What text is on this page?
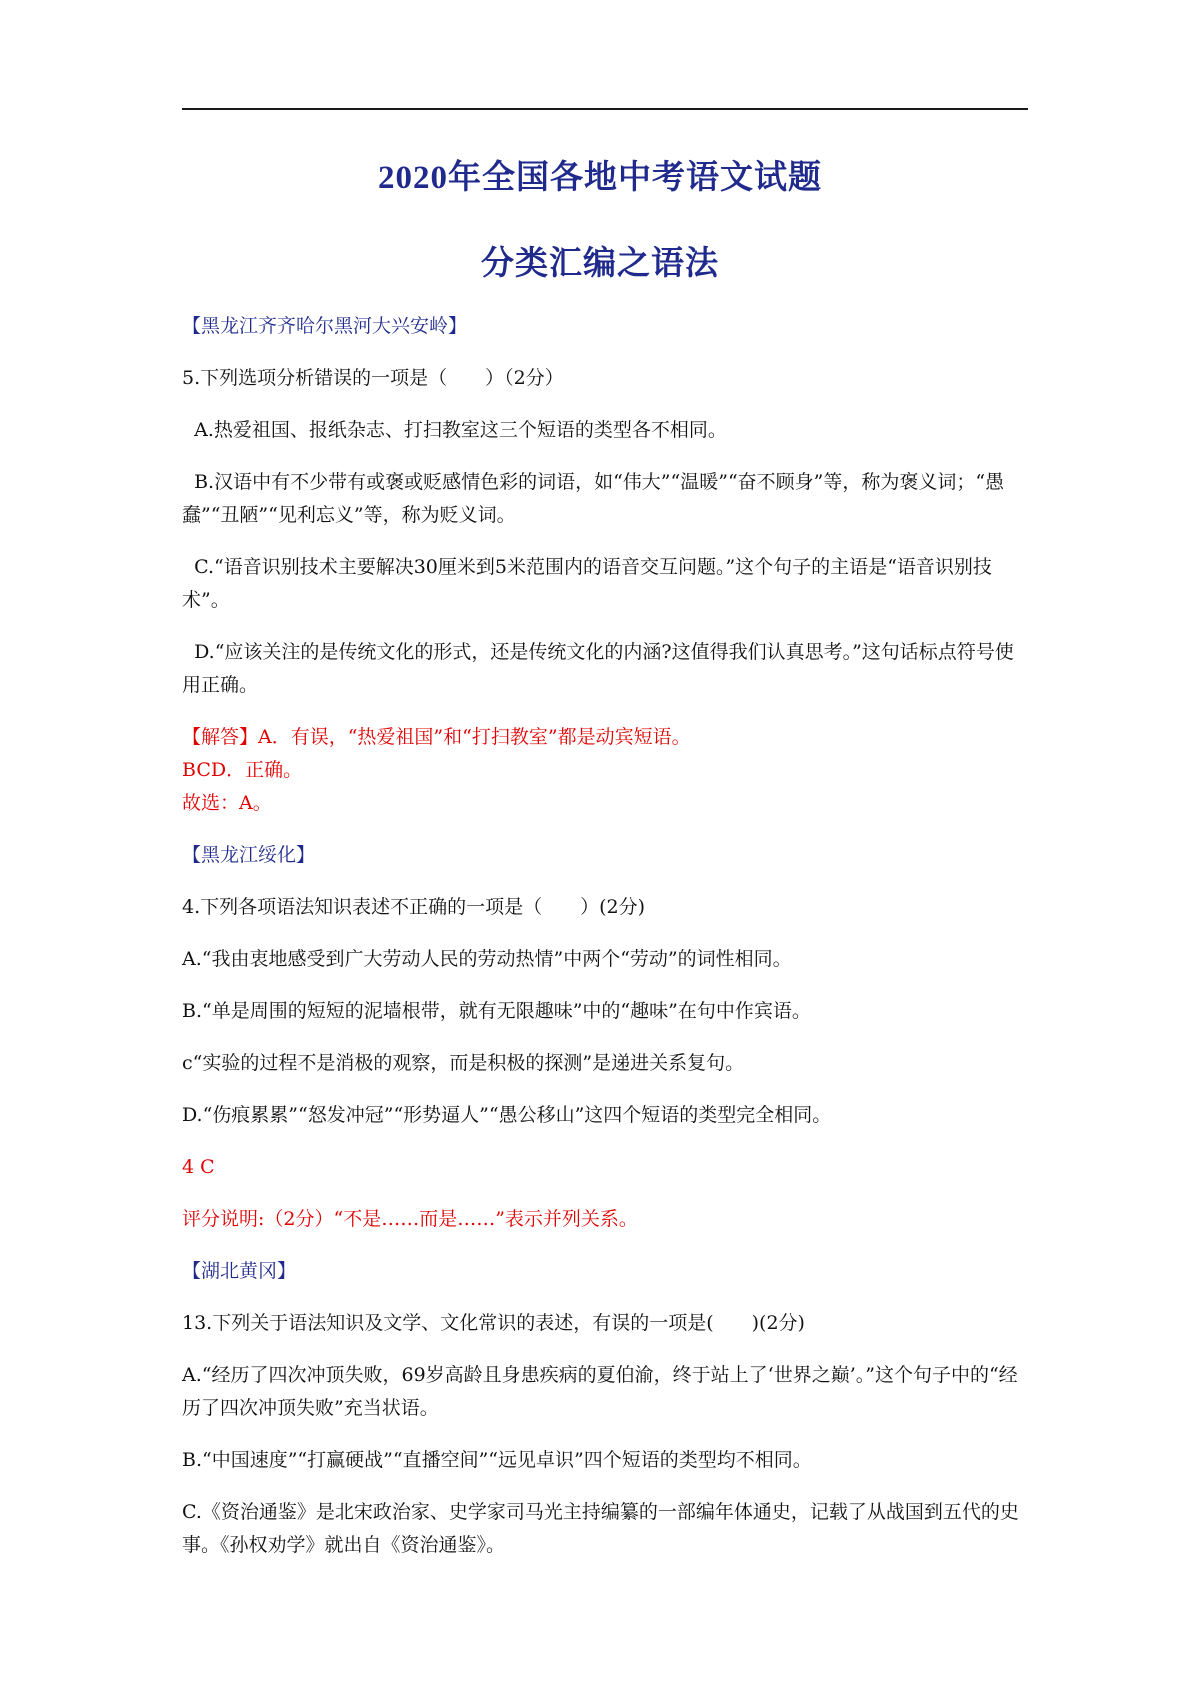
2020年全国各地中考语文试题
分类汇编之语法
【黑龙江齐齐哈尔黑河大兴安岭】
5.下列选项分析错误的一项是（　　）（2分）
A.热爱祖国、报纸杂志、打扫教室这三个短语的类型各不相同。
B.汉语中有不少带有或褒或贬感情色彩的词语，如“伟大”“温暖”“奋不顾身”等，称为褒义词；“愚蠢”“丑陋”“见利忘义”等，称为贬义词。
C.“语音识别技术主要解决30厘米到5米范围内的语音交互问题。”这个句子的主语是“语音识别技术”。
D.“应该关注的是传统文化的形式，还是传统文化的内涵?这值得我们认真思考。”这句话标点符号使用正确。
【解答】A．有误，“热爱祖国”和“打扫教室”都是动宾短语。
BCD．正确。
故选：A。
【黑龙江绥化】
4.下列各项语法知识表述不正确的一项是（　　）(2分)
A.“我由衷地感受到广大劳动人民的劳动热情”中两个“劳动”的词性相同。
B.“单是周围的短短的泥墙根带，就有无限趣味”中的“趣味”在句中作宾语。
c“实验的过程不是消极的观察，而是积极的探测”是递进关系复句。
D.“伤痕累累”“怒发冲冠”“形势逼人”“愚公移山”这四个短语的类型完全相同。
4 C
评分说明:（2分）“不是……而是……”表示并列关系。
【湖北黄冈】
13.下列关于语法知识及文学、文化常识的表述，有误的一项是(　　)(2分)
A.“经历了四次冲顶失败，69岁高龄且身患疾病的夏伯渝，终于站上了‘世界之巅’。”这个句子中的“经历了四次冲顶失败”充当状语。
B.“中国速度”“打赢硬战”“直播空间”“远见卓识”四个短语的类型均不相同。
C.《资治通鉴》是北宋政治家、史学家司马光主持编纂的一部编年体通史，记载了从战国到五代的史事。《孙权劝学》就出自《资治通鉴》。
